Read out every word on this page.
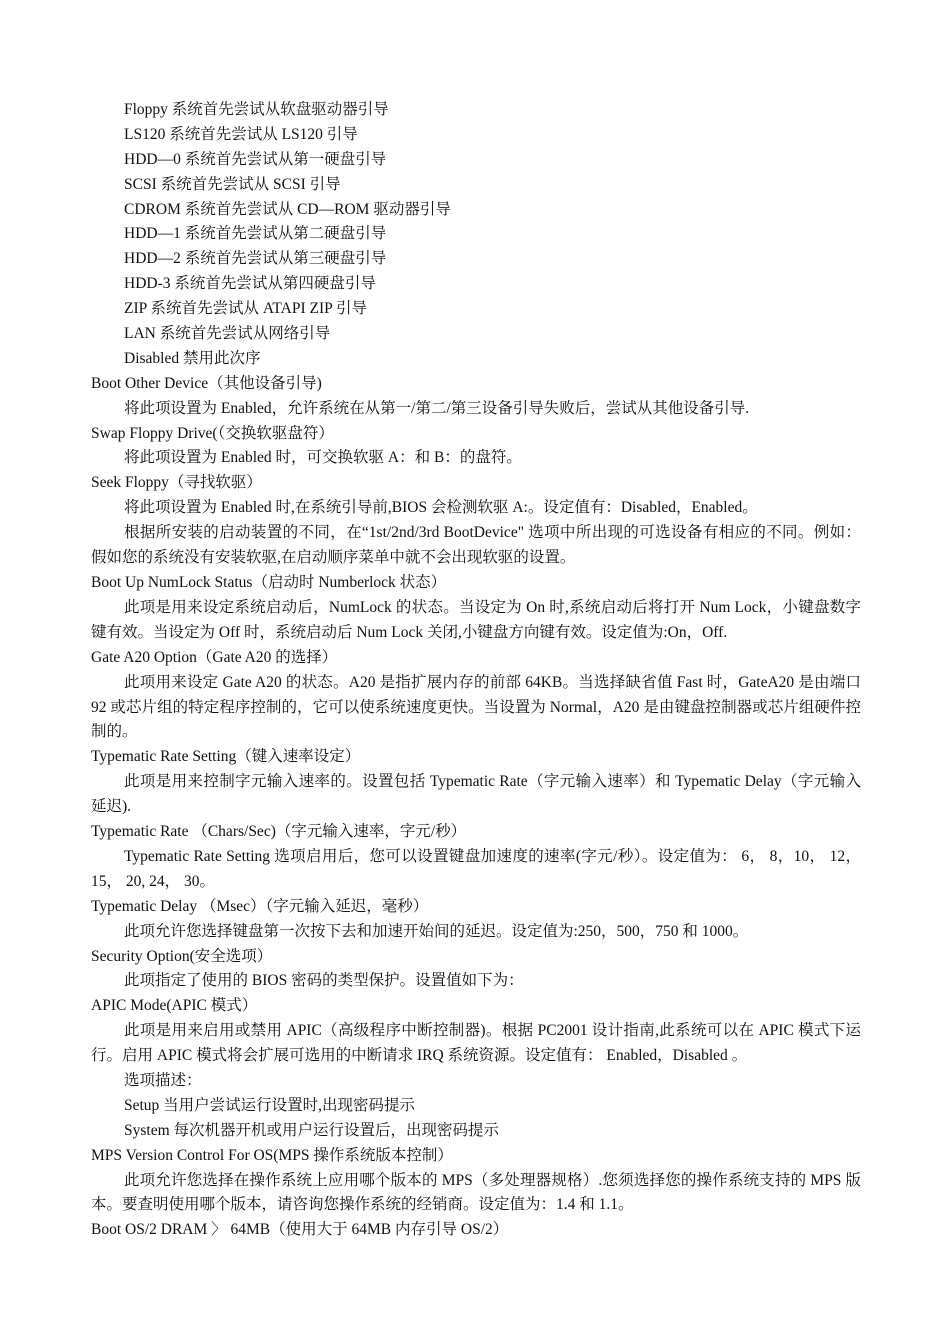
Floppy 系统首先尝试从软盘驱动器引导
LS120 系统首先尝试从 LS120 引导
HDD—0 系统首先尝试从第一硬盘引导
SCSI 系统首先尝试从 SCSI 引导
CDROM 系统首先尝试从 CD—ROM 驱动器引导
HDD—1 系统首先尝试从第二硬盘引导
HDD—2 系统首先尝试从第三硬盘引导
HDD-3 系统首先尝试从第四硬盘引导
ZIP 系统首先尝试从 ATAPI ZIP 引导
LAN 系统首先尝试从网络引导
Disabled 禁用此次序
Boot Other Device（其他设备引导)

将此项设置为 Enabled，允许系统在从第一/第二/第三设备引导失败后，尝试从其他设备引导.

Swap Floppy Drive(（交换软驱盘符）

将此项设置为 Enabled 时，可交换软驱 A：和 B：的盘符。

Seek Floppy（寻找软驱）

将此项设置为 Enabled 时,在系统引导前,BIOS 会检测软驱 A:。设定值有：Disabled，Enabled。

根据所安装的启动装置的不同，在“1st/2nd/3rd BootDevice" 选项中所出现的可选设备有相应的不同。例如：假如您的系统没有安装软驱,在启动顺序菜单中就不会出现软驱的设置。

Boot Up NumLock Status（启动时 Numberlock 状态）

此项是用来设定系统启动后，NumLock 的状态。当设定为 On 时,系统启动后将打开 Num Lock，小键盘数字键有效。当设定为 Off 时，系统启动后 Num Lock 关闭,小键盘方向键有效。设定值为:On，Off.

Gate A20 Option（Gate A20 的选择）

此项用来设定 Gate A20 的状态。A20 是指扩展内存的前部 64KB。当选择缺省值 Fast 时，GateA20 是由端口 92 或芯片组的特定程序控制的，它可以使系统速度更快。当设置为 Normal，A20 是由键盘控制器或芯片组硬件控制的。

Typematic Rate Setting（键入速率设定）

此项是用来控制字元输入速率的。设置包括 Typematic Rate（字元输入速率）和 Typematic Delay（字元输入延迟).

Typematic Rate （Chars/Sec)（字元输入速率，字元/秒）

Typematic Rate Setting 选项启用后，您可以设置键盘加速度的速率(字元/秒）。设定值为： 6， 8，10， 12， 15， 20, 24， 30。

Typematic Delay （Msec）（字元输入延迟，毫秒）

此项允许您选择键盘第一次按下去和加速开始间的延迟。设定值为:250，500，750 和 1000。

Security Option(安全选项）

此项指定了使用的 BIOS 密码的类型保护。设置值如下为：

APIC Mode(APIC 模式）

此项是用来启用或禁用 APIC（高级程序中断控制器)。根据 PC2001 设计指南,此系统可以在 APIC 模式下运行。启用 APIC 模式将会扩展可选用的中断请求 IRQ 系统资源。设定值有： Enabled，Disabled 。

选项描述：
Setup 当用户尝试运行设置时,出现密码提示
System 每次机器开机或用户运行设置后，出现密码提示
MPS Version Control For OS(MPS 操作系统版本控制）

此项允许您选择在操作系统上应用哪个版本的 MPS（多处理器规格）.您须选择您的操作系统支持的 MPS 版本。要查明使用哪个版本，请咨询您操作系统的经销商。设定值为：1.4 和 1.1。

Boot OS/2 DRAM 〉 64MB（使用大于 64MB 内存引导 OS/2）
